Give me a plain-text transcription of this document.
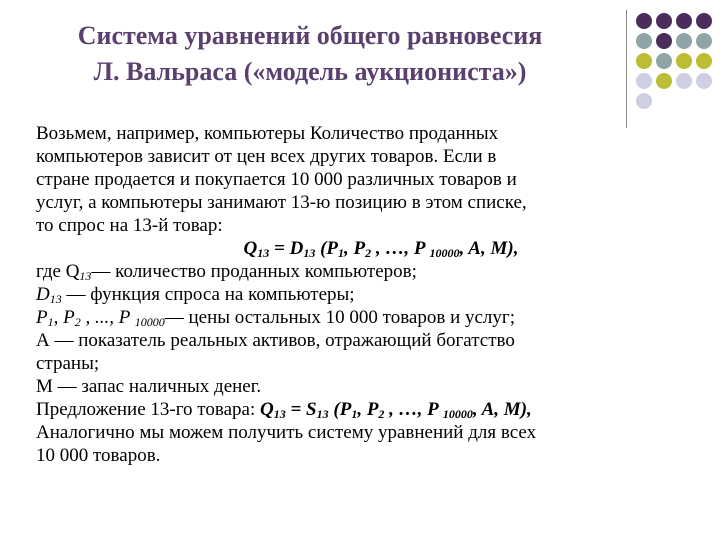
Система уравнений общего равновесия
Л. Вальраса («модель аукциониста»)
Возьмем, например, компьютеры Количество проданных
компьютеров зависит от цен всех других товаров. Если в
стране продается и покупается 10 000 различных товаров и
услуг, а компьютеры занимают 13-ю позицию в этом списке,
то спрос на 13-й товар:
$Q_{13} = D_{13}$ ($P_1$, $P_2$ , …, P $_{10000}$, A, M),
где $Q_{13}—$ количество проданных компьютеров;
$D_{13}$ — функция спроса на компьютеры;
$P_1$, $P_2$ , ..., P $_{10000}$— цены остальных 10 000 товаров и услуг;
А — показатель реальных активов, отражающий богатство
страны;
М — запас наличных денег.
Предложение 13-го товара: $Q_{13} = S_{13}$ ($P_1$, $P_2$ , …, P $_{10000}$, A, M),
Аналогично мы можем получить систему уравнений для всех
10 000 товаров.
